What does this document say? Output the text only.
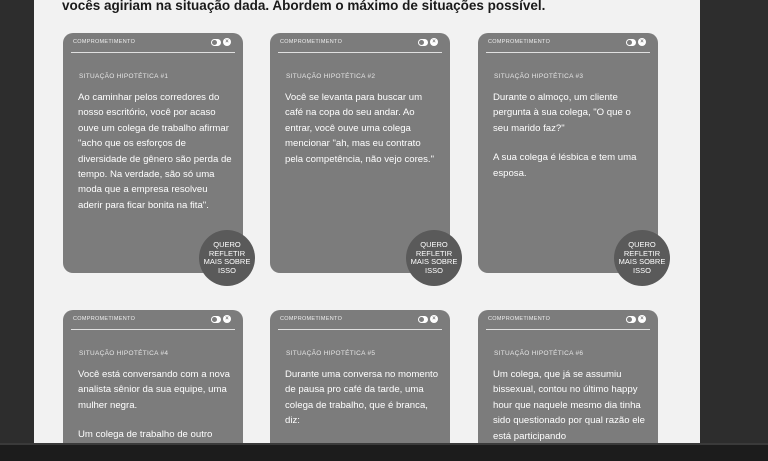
vocês agiriam na situação dada. Abordem o máximo de situações possível.
COMPROMETIMENTO	×
SITUAÇÃO HIPOTÉTICA #1

Ao caminhar pelos corredores do nosso escritório, você por acaso ouve um colega de trabalho afirmar "acho que os esforços de diversidade de gênero são perda de tempo. Na verdade, são só uma moda que a empresa resolveu aderir para ficar bonita na fita".

QUERO REFLETIR MAIS SOBRE ISSO
COMPROMETIMENTO	×
SITUAÇÃO HIPOTÉTICA #2

Você se levanta para buscar um café na copa do seu andar. Ao entrar, você ouve uma colega mencionar "ah, mas eu contrato pela competência, não vejo cores."

QUERO REFLETIR MAIS SOBRE ISSO
COMPROMETIMENTO	×
SITUAÇÃO HIPOTÉTICA #3

Durante o almoço, um cliente pergunta à sua colega, "O que o seu marido faz?"

A sua colega é lésbica e tem uma esposa.

QUERO REFLETIR MAIS SOBRE ISSO
COMPROMETIMENTO	×
SITUAÇÃO HIPOTÉTICA #4

Você está conversando com a nova analista sênior da sua equipe, uma mulher negra.

Um colega de trabalho de outro

COMPROMETIMENTO	×
SITUAÇÃO HIPOTÉTICA #5

Durante uma conversa no momento de pausa pro café da tarde, uma colega de trabalho, que é branca, diz:

COMPROMETIMENTO	×
SITUAÇÃO HIPOTÉTICA #6

Um colega, que já se assumiu bissexual, contou no último happy hour que naquele mesmo dia tinha sido questionado por qual razão ele está participando
